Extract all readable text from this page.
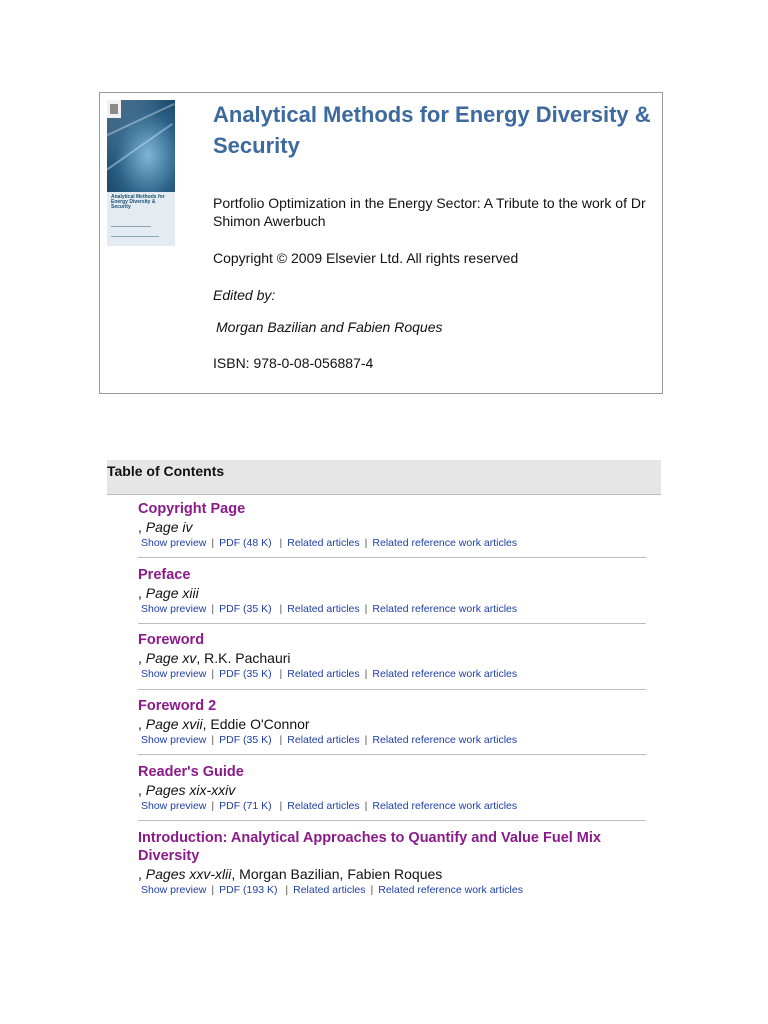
Analytical Methods for Energy Diversity & Security
Analytical Methods for Energy Diversity & Security
Portfolio Optimization in the Energy Sector: A Tribute to the work of Dr Shimon Awerbuch
Copyright © 2009 Elsevier Ltd. All rights reserved
Edited by:
Morgan Bazilian and Fabien Roques
ISBN: 978-0-08-056887-4
Table of Contents
Copyright Page
, Page iv
Show preview | PDF (48 K) | Related articles | Related reference work articles
Preface
, Page xiii
Show preview | PDF (35 K) | Related articles | Related reference work articles
Foreword
, Page xv, R.K. Pachauri
Show preview | PDF (35 K) | Related articles | Related reference work articles
Foreword 2
, Page xvii, Eddie O'Connor
Show preview | PDF (35 K) | Related articles | Related reference work articles
Reader's Guide
, Pages xix-xxiv
Show preview | PDF (71 K) | Related articles | Related reference work articles
Introduction: Analytical Approaches to Quantify and Value Fuel Mix Diversity
, Pages xxv-xlii, Morgan Bazilian, Fabien Roques
Show preview | PDF (193 K) | Related articles | Related reference work articles
